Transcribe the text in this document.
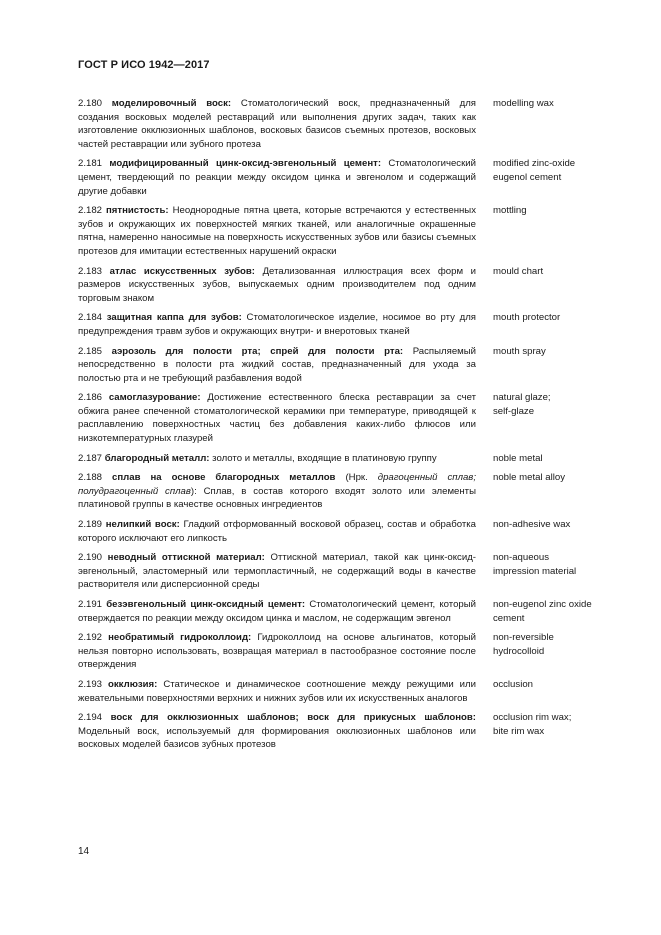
ГОСТ Р ИСО 1942—2017
2.180 моделировочный воск: Стоматологический воск, предназначенный для создания восковых моделей реставраций или выполнения других задач, таких как изготовление окклюзионных шаблонов, восковых базисов съемных протезов, восковых частей реставрации или зубного протеза
modelling wax
2.181 модифицированный цинк-оксид-эвгенольный цемент: Стоматологический цемент, твердеющий по реакции между оксидом цинка и эвгенолом и содержащий другие добавки
modified zinc-oxide
eugenol cement
2.182 пятнистость: Неоднородные пятна цвета, которые встречаются у естественных зубов и окружающих их поверхностей мягких тканей, или аналогичные окрашенные пятна, намеренно наносимые на поверхность искусственных зубов или базисы съемных протезов для имитации естественных нарушений окраски
mottling
2.183 атлас искусственных зубов: Детализованная иллюстрация всех форм и размеров искусственных зубов, выпускаемых одним производителем под одним торговым знаком
mould chart
2.184 защитная каппа для зубов: Стоматологическое изделие, носимое во рту для предупреждения травм зубов и окружающих внутри- и внеротовых тканей
mouth protector
2.185 аэрозоль для полости рта; спрей для полости рта: Распыляемый непосредственно в полости рта жидкий состав, предназначенный для ухода за полостью рта и не требующий разбавления водой
mouth spray
2.186 самоглазурование: Достижение естественного блеска реставрации за счет обжига ранее спеченной стоматологической керамики при температуре, приводящей к расплавлению поверхностных частиц без добавления каких-либо флюсов или низкотемпературных глазурей
natural glaze;
self-glaze
2.187 благородный металл: золото и металлы, входящие в платиновую группу	noble metal
2.188 сплав на основе благородных металлов (Нрк. драгоценный сплав; полудрагоценный сплав): Сплав, в состав которого входят золото или элементы платиновой группы в качестве основных ингредиентов
noble metal alloy
2.189 нелипкий воск: Гладкий отформованный восковой образец, состав и обработка которого исключают его липкость
non-adhesive wax
2.190 неводный оттискной материал: Оттискной материал, такой как цинк-оксид-эвгенольный, эластомерный или термопластичный, не содержащий воды в качестве растворителя или дисперсионной среды
non-aqueous
impression material
2.191 безэвгенольный цинк-оксидный цемент: Стоматологический цемент, который отверждается по реакции между оксидом цинка и маслом, не содержащим эвгенол
non-eugenol zinc oxide
cement
2.192 необратимый гидроколлоид: Гидроколлоид на основе альгинатов, который нельзя повторно использовать, возвращая материал в пастообразное состояние после отверждения
non-reversible
hydrocolloid
2.193 окклюзия: Статическое и динамическое соотношение между режущими или жевательными поверхностями верхних и нижних зубов или их искусственных аналогов
occlusion
2.194 воск для окклюзионных шаблонов; воск для прикусных шаблонов: Модельный воск, используемый для формирования окклюзионных шаблонов или восковых моделей базисов зубных протезов
occlusion rim wax;
bite rim wax
14
